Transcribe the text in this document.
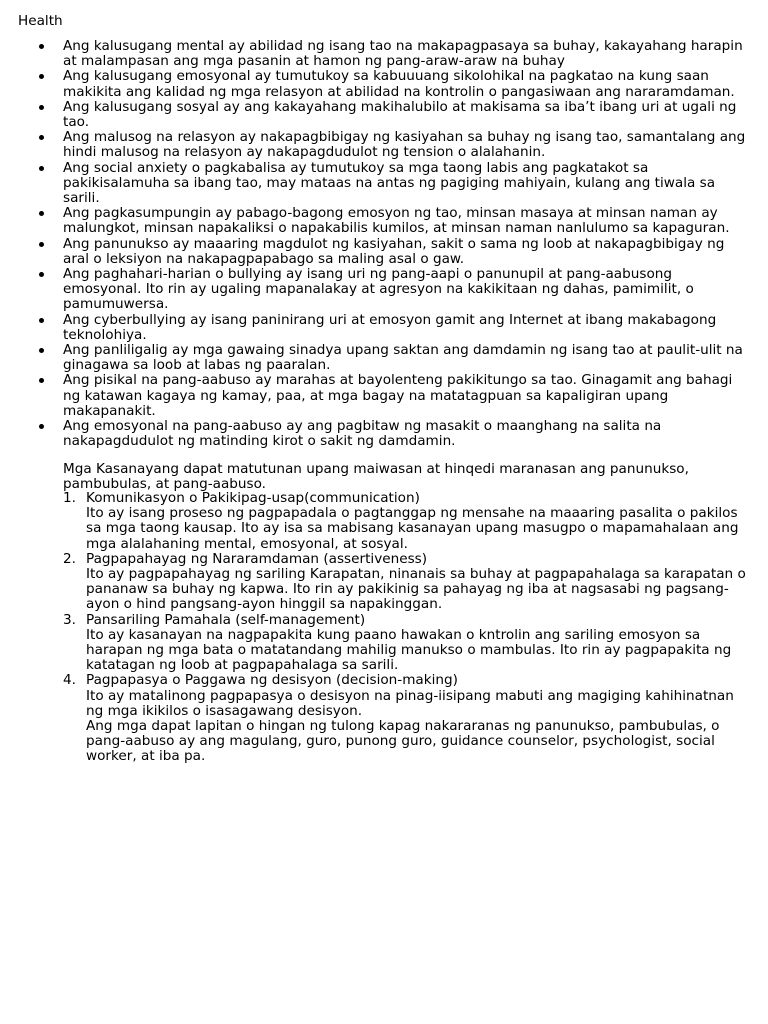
Health
Ang kalusugang mental ay abilidad ng isang tao na makapagpasaya sa buhay, kakayahang harapin at malampasan ang mga pasanin at hamon ng pang-araw-araw na buhay
Ang kalusugang emosyonal ay tumutukoy sa kabuuuang sikolohikal na pagkatao na kung saan makikita ang kalidad ng mga relasyon at abilidad na kontrolin o pangasiwaan ang nararamdaman.
Ang kalusugang sosyal ay ang kakayahang makihalubilo at makisama sa iba’t ibang uri at ugali ng tao.
Ang malusog na relasyon ay nakapagbibigay ng kasiyahan sa buhay ng isang tao, samantalang ang hindi malusog na relasyon ay nakapagdudulot ng tension o alalahanin.
Ang social anxiety o pagkabalisa ay tumutukoy sa mga taong labis ang pagkatakot sa pakikisalamuha sa ibang tao, may mataas na antas ng pagiging mahiyain, kulang ang tiwala sa sarili.
Ang pagkasumpungin ay pabago-bagong emosyon ng tao, minsan masaya at minsan naman ay malungkot, minsan napakaliksi o napakabilis kumilos, at minsan naman nanlulumo sa kapaguran.
Ang panunukso ay maaaring magdulot ng kasiyahan, sakit o sama ng loob at nakapagbibigay ng aral o leksiyon na nakapagpapabago sa maling asal o gaw.
Ang paghahari-harian o bullying ay isang uri ng pang-aapi o panunupil at pang-aabusong emosyonal. Ito rin ay ugaling mapanalakay at agresyon na kakikitaan ng dahas, pamimilit, o pamumuwersa.
Ang cyberbullying ay isang paninirang uri at emosyon gamit ang Internet at ibang makabagong teknolohiya.
Ang panliligalig ay mga gawaing sinadya upang saktan ang damdamin ng isang tao at paulit-ulit na ginagawa sa loob at labas ng paaralan.
Ang pisikal na pang-aabuso ay marahas at bayolenteng pakikitungo sa tao. Ginagamit ang bahagi ng katawan kagaya ng kamay, paa, at mga bagay na matatagpuan sa kapaligiran upang makapanakit.
Ang emosyonal na pang-aabuso ay ang pagbitaw ng masakit o maanghang na salita na nakapagdudulot ng matinding kirot o sakit ng damdamin.

Mga Kasanayang dapat matutunan upang maiwasan at hinqedi maranasan ang panunukso, pambubulas, at pang-aabuso.

1. Komunikasyon o Pakikipag-usap(communication)
Ito ay isang proseso ng pagpapadala o pagtanggap ng mensahe na maaaring pasalita o pakilos sa mga taong kausap. Ito ay isa sa mabisang kasanayan upang masugpo o mapamahalaan ang mga alalahaning mental, emosyonal, at sosyal.
2. Pagpapahayag ng Nararamdaman (assertiveness)
Ito ay pagpapahayag ng sariling Karapatan, ninanais sa buhay at pagpapahalaga sa karapatan o pananaw sa buhay ng kapwa. Ito rin ay pakikinig sa pahayag ng iba at nagsasabi ng pagsang-ayon o hind pangsang-ayon hinggil sa napakinggan.
3. Pansariling Pamahala (self-management)
Ito ay kasanayan na nagpapakita kung paano hawakan o kntrolin ang sariling emosyon sa harapan ng mga bata o matatandang mahilig manukso o mambulas. Ito rin ay pagpapakita ng katatagan ng loob at pagpapahalaga sa sarili.
4. Pagpapasya o Paggawa ng desisyon (decision-making)
Ito ay matalinong pagpapasya o desisyon na pinag-iisipang mabuti ang magiging kahihinatnan ng mga ikikilos o isasagawang desisyon.
Ang mga dapat lapitan o hingan ng tulong kapag nakararanas ng panunukso, pambubulas, o pang-aabuso ay ang magulang, guro, punong guro, guidance counselor, psychologist, social worker, at iba pa.
